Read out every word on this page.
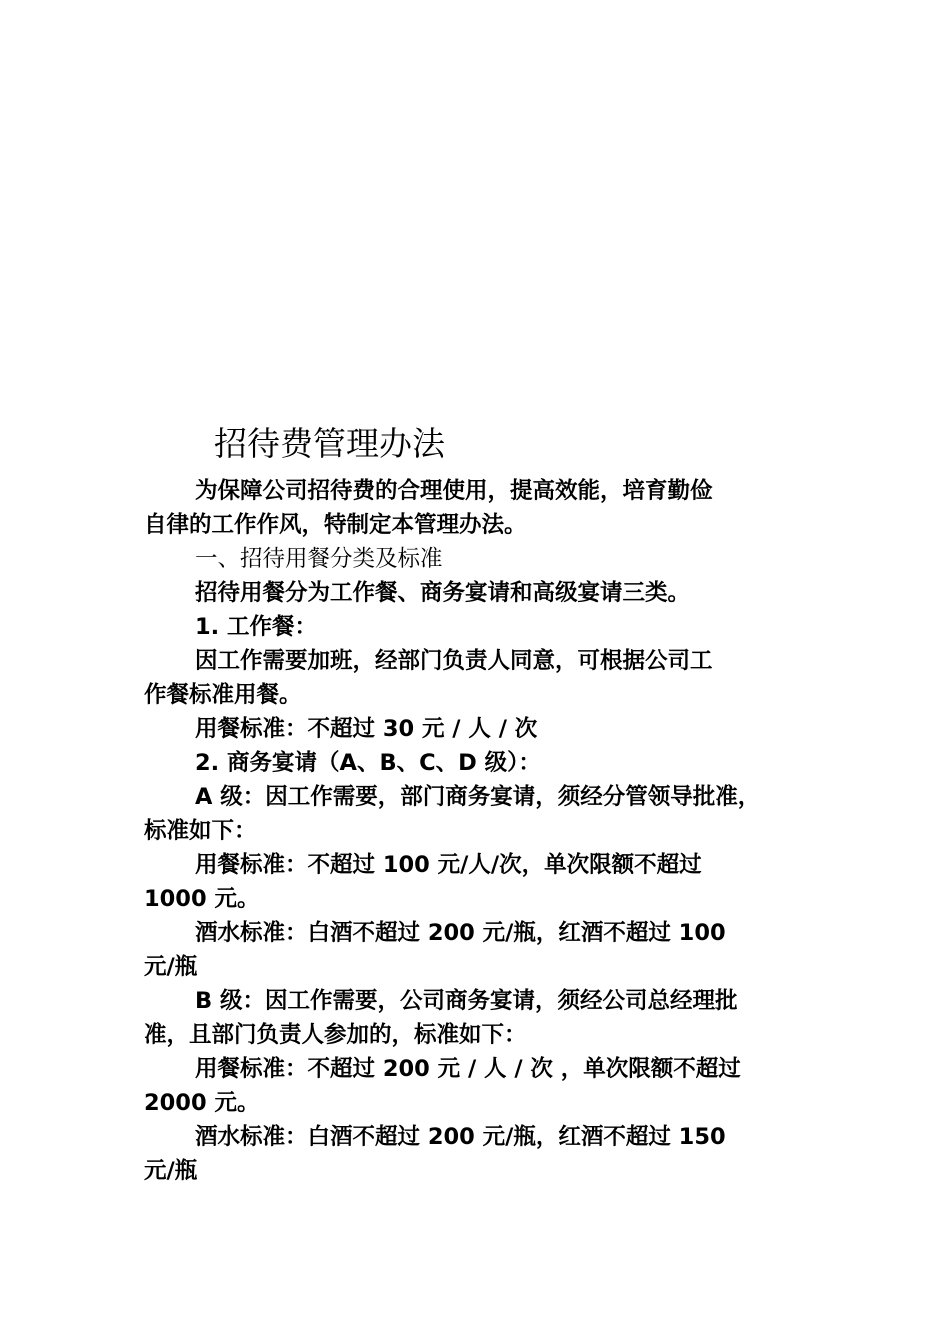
招待费管理办法
为保障公司招待费的合理使用，提高效能，培育勤俭
自律的工作作风，特制定本管理办法。
一、招待用餐分类及标准
招待用餐分为工作餐、商务宴请和高级宴请三类。
1. 工作餐：
因工作需要加班，经部门负责人同意，可根据公司工
作餐标准用餐。
用餐标准：不超过 30 元 / 人 / 次
2. 商务宴请（A、B、C、D 级）：
A 级：因工作需要，部门商务宴请，须经分管领导批准，
标准如下：
用餐标准：不超过 100 元/人/次，单次限额不超过
1000 元。
酒水标准：白酒不超过 200 元/瓶，红酒不超过 100
元/瓶
B 级：因工作需要，公司商务宴请，须经公司总经理批
准，且部门负责人参加的，标准如下：
用餐标准：不超过 200 元 / 人 / 次 ，单次限额不超过
2000 元。
酒水标准：白酒不超过 200 元/瓶，红酒不超过 150
元/瓶
